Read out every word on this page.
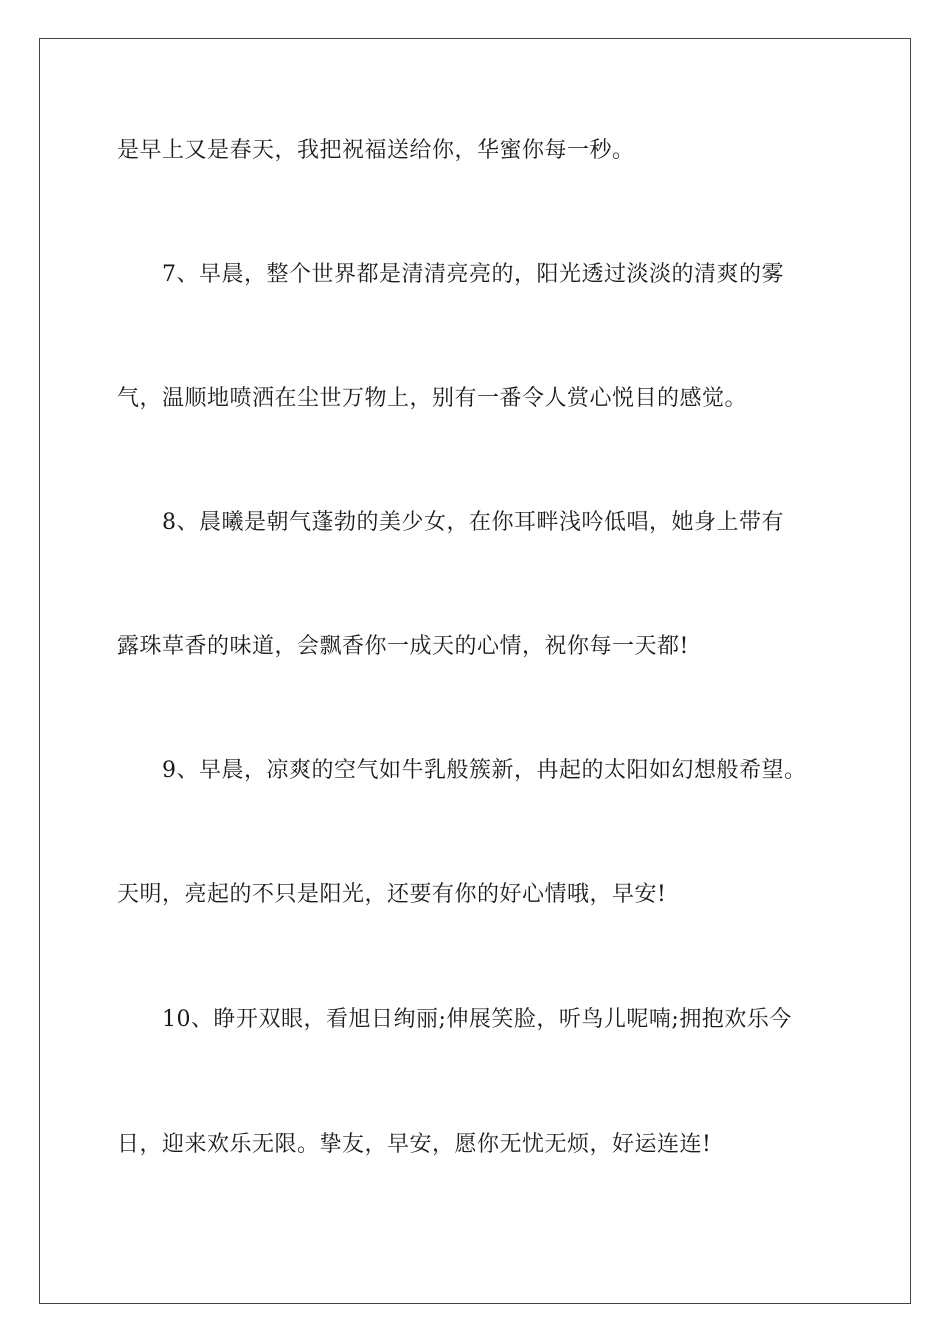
是早上又是春天，我把祝福送给你，华蜜你每一秒。
7、早晨，整个世界都是清清亮亮的，阳光透过淡淡的清爽的雾
气，温顺地喷洒在尘世万物上，别有一番令人赏心悦目的感觉。
8、晨曦是朝气蓬勃的美少女，在你耳畔浅吟低唱，她身上带有
露珠草香的味道，会飘香你一成天的心情，祝你每一天都!
9、早晨，凉爽的空气如牛乳般簇新，冉起的太阳如幻想般希望。
天明，亮起的不只是阳光，还要有你的好心情哦，早安!
10、睁开双眼，看旭日绚丽;伸展笑脸，听鸟儿呢喃;拥抱欢乐今
日，迎来欢乐无限。挚友，早安，愿你无忧无烦，好运连连!
